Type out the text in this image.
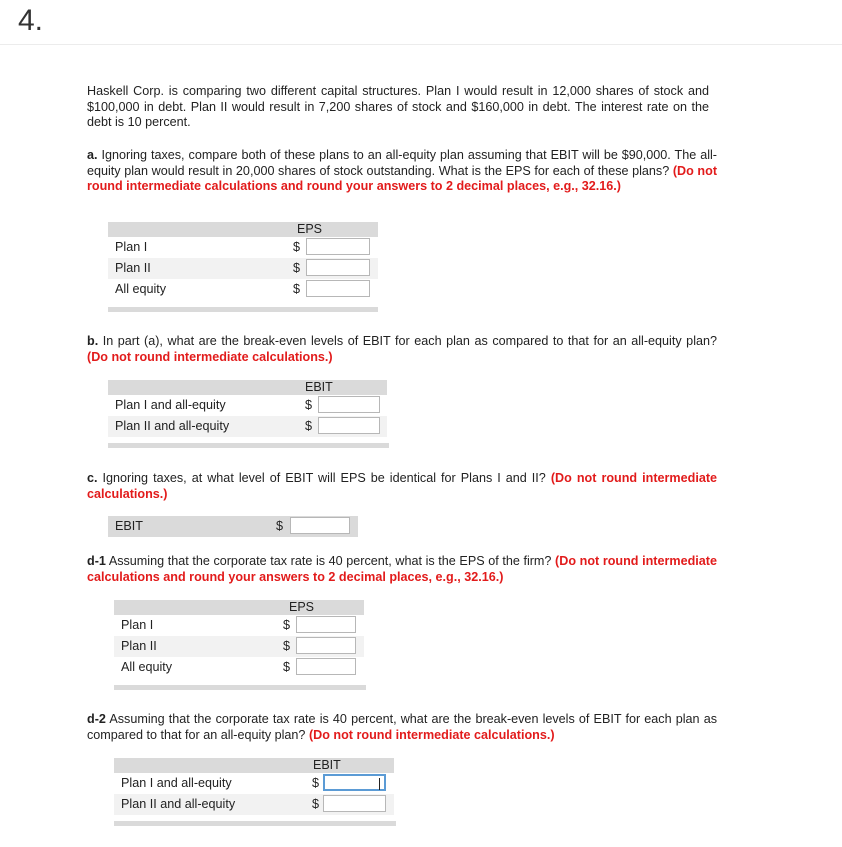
4.
Haskell Corp. is comparing two different capital structures. Plan I would result in 12,000 shares of stock and $100,000 in debt. Plan II would result in 7,200 shares of stock and $160,000 in debt. The interest rate on the debt is 10 percent.
a. Ignoring taxes, compare both of these plans to an all-equity plan assuming that EBIT will be $90,000. The all-equity plan would result in 20,000 shares of stock outstanding. What is the EPS for each of these plans? (Do not round intermediate calculations and round your answers to 2 decimal places, e.g., 32.16.)
EPS
Plan I	$
Plan II	$
All equity	$
b. In part (a), what are the break-even levels of EBIT for each plan as compared to that for an all-equity plan? (Do not round intermediate calculations.)
EBIT
Plan I and all-equity	$
Plan II and all-equity	$
c. Ignoring taxes, at what level of EBIT will EPS be identical for Plans I and II? (Do not round intermediate calculations.)
EBIT	$
d-1 Assuming that the corporate tax rate is 40 percent, what is the EPS of the firm? (Do not round intermediate calculations and round your answers to 2 decimal places, e.g., 32.16.)
EPS
Plan I	$
Plan II	$
All equity	$
d-2 Assuming that the corporate tax rate is 40 percent, what are the break-even levels of EBIT for each plan as compared to that for an all-equity plan? (Do not round intermediate calculations.)
EBIT
Plan I and all-equity	$
Plan II and all-equity	$
